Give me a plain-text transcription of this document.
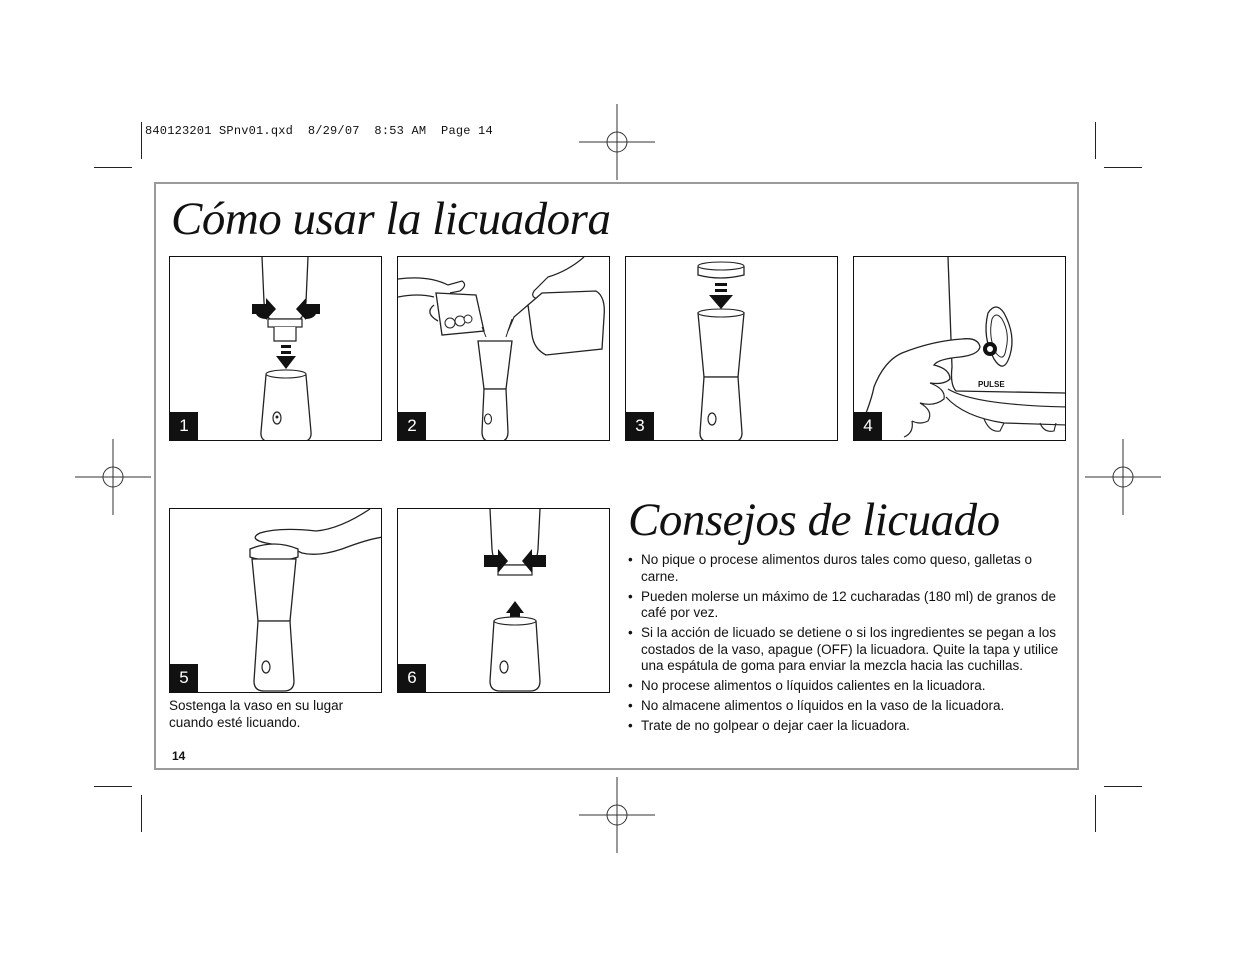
840123201 SPnv01.qxd  8/29/07  8:53 AM  Page 14
Cómo usar la licuadora
1	2	3
PULSE
4
5	6
Sostenga la vaso en su lugar cuando esté licuando.
Consejos de licuado
• No pique o procese alimentos duros tales como queso, galletas o carne.
• Pueden molerse un máximo de 12 cucharadas (180 ml) de granos de café por vez.
• Si la acción de licuado se detiene o si los ingredientes se pegan a los costados de la vaso, apague (OFF) la licuadora. Quite la tapa y utilice una espátula de goma para enviar la mezcla hacia las cuchillas.
• No procese alimentos o líquidos calientes en la licuadora.
• No almacene alimentos o líquidos en la vaso de la licuadora.
• Trate de no golpear o dejar caer la licuadora.
14
